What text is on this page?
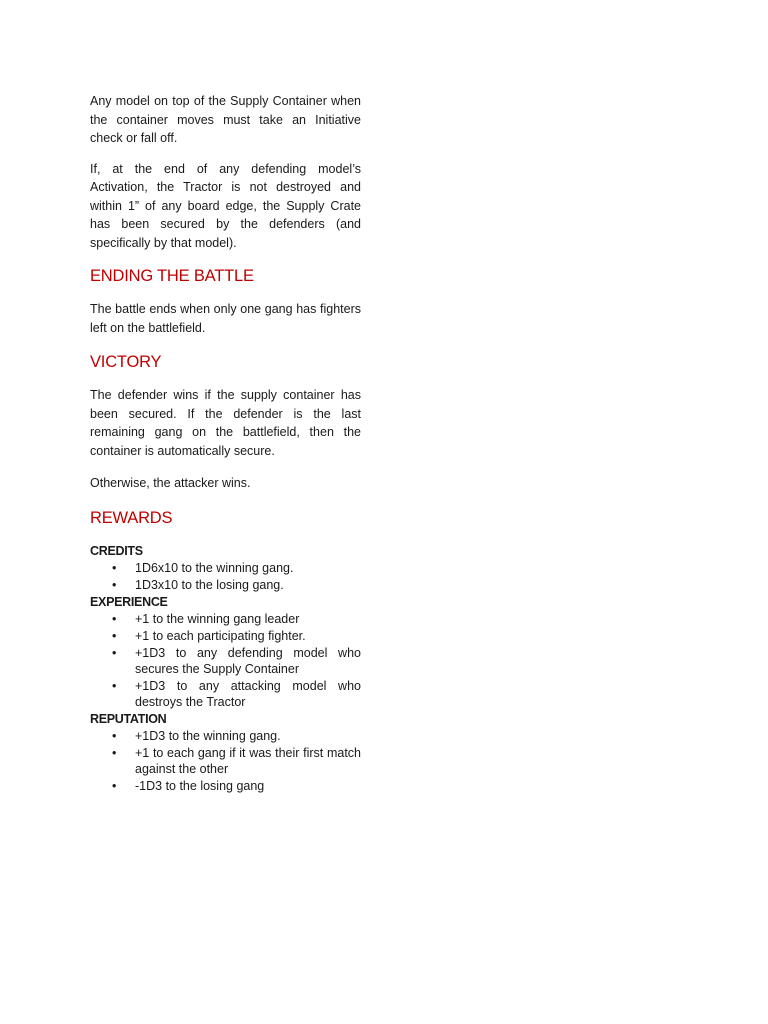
Any model on top of the Supply Container when the container moves must take an Initiative check or fall off.

If, at the end of any defending model’s Activation, the Tractor is not destroyed and within 1” of any board edge, the Supply Crate has been secured by the defenders (and specifically by that model).

ENDING THE BATTLE

The battle ends when only one gang has fighters left on the battlefield.

VICTORY

The defender wins if the supply container has been secured. If the defender is the last remaining gang on the battlefield, then the container is automatically secure.

Otherwise, the attacker wins.

REWARDS

CREDITS

• 1D6x10 to the winning gang.
• 1D3x10 to the losing gang.

EXPERIENCE

• +1 to the winning gang leader
• +1 to each participating fighter.
• +1D3 to any defending model who secures the Supply Container
• +1D3 to any attacking model who destroys the Tractor

REPUTATION

• +1D3 to the winning gang.
• +1 to each gang if it was their first match against the other
• -1D3 to the losing gang
